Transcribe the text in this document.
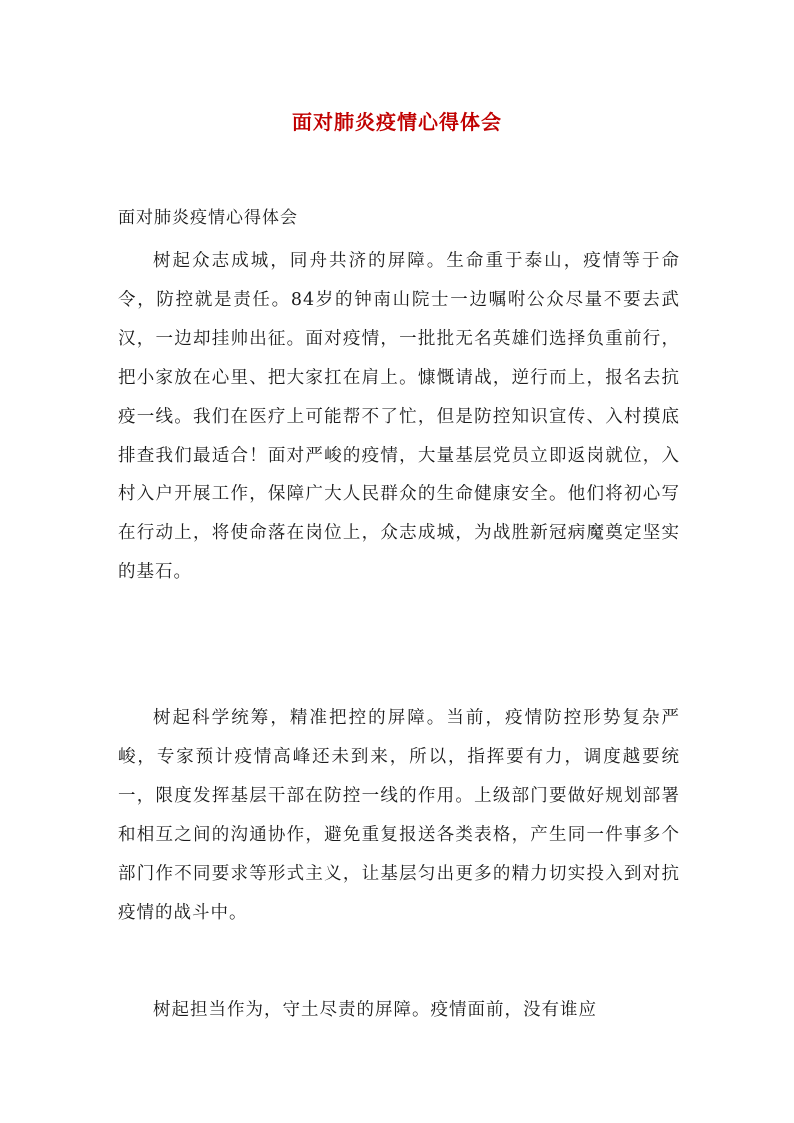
面对肺炎疫情心得体会
面对肺炎疫情心得体会

树起众志成城，同舟共济的屏障。生命重于泰山，疫情等于命令，防控就是责任。84岁的钟南山院士一边嘱咐公众尽量不要去武汉，一边却挂帅出征。面对疫情，一批批无名英雄们选择负重前行，把小家放在心里、把大家扛在肩上。慷慨请战，逆行而上，报名去抗疫一线。我们在医疗上可能帮不了忙，但是防控知识宣传、入村摸底排查我们最适合！面对严峻的疫情，大量基层党员立即返岗就位，入村入户开展工作，保障广大人民群众的生命健康安全。他们将初心写在行动上，将使命落在岗位上，众志成城，为战胜新冠病魔奠定坚实的基石。

树起科学统筹，精准把控的屏障。当前，疫情防控形势复杂严峻，专家预计疫情高峰还未到来，所以，指挥要有力，调度越要统一，限度发挥基层干部在防控一线的作用。上级部门要做好规划部署和相互之间的沟通协作，避免重复报送各类表格，产生同一件事多个部门作不同要求等形式主义，让基层匀出更多的精力切实投入到对抗疫情的战斗中。

树起担当作为，守土尽责的屏障。疫情面前，没有谁应
